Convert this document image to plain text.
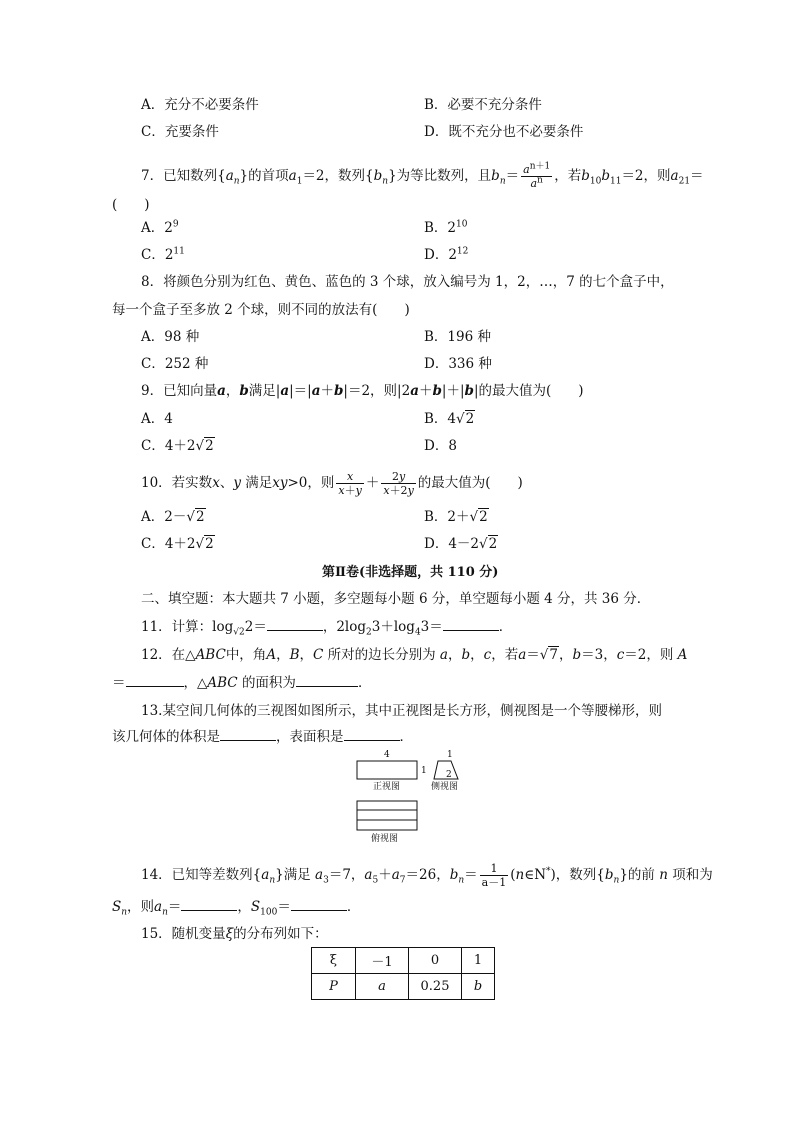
A．充分不必要条件	B．必要不充分条件
C．充要条件	D．既不充分也不必要条件
7．已知数列$\{a_n\}$的首项$a_1=2$，数列$\{b_n\}$为等比数列，且$b_n= \frac{a^{n+1}}{a^n}$ ，若$b_{10}b_{11}=2$，则$a_{21}=$
(　　)
A．$2^9$	B．$2^{10}$
C．$2^{11}$	D．$2^{12}$
8．将颜色分别为红色、黄色、蓝色的 3 个球，放入编号为 1，2，…，7 的七个盒子中，
每一个盒子至多放 2 个球，则不同的放法有(　　)
A．98 种	B．196 种
C．252 种	D．336 种
9．已知向量a，b满足|a|＝|a＋b|＝2，则|2a＋b|＋|b|的最大值为(　　)
A．4	B．4√2
C．4＋2√2	D．8
10．若实数x、y 满足xy>0，则 $\frac{x}{x+y} + \frac{2y}{x+2y}$ 的最大值为(　　)
A．2－√2	B．2＋√2
C．4＋2√2	D．4－2√2
第Ⅱ卷(非选择题，共 110 分)
二、填空题：本大题共 7 小题，多空题每小题 6 分，单空题每小题 4 分，共 36 分．
11．计算：$\log_{√2}2=$	，$2\log_23+\log_43=$	．
12．在△ABC中，角A，B，C 所对的边长分别为 a，b，c，若a＝√7，b＝3，c＝2，则 A
＝	，△ABC 的面积为	．
13.某空间几何体的三视图如图所示，其中正视图是长方形，侧视图是一个等腰梯形，则
该几何体的体积是	，表面积是	．
4
1
正视图
1
2
侧视图
俯视图
14．已知等差数列$\{a_n\}$满足 $a_3=7$，$a_5+a_7=26$，$b_n= \frac{1}{a-1}$ (n∈N*)，数列$\{b_n\}$的前 n 项和为
$S_n$，则$a_n=$	，$S_{100}=$	．
15．随机变量ξ的分布列如下：
ξ	－1	0	1
P	a	0.25	b
